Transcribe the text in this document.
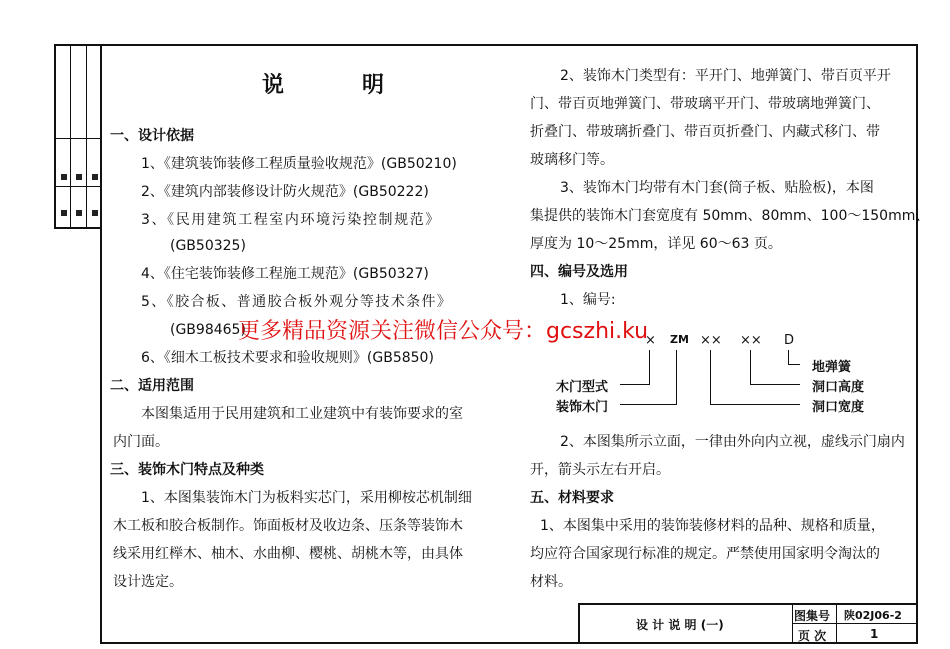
说　明
一、设计依据
1、《建筑装饰装修工程质量验收规范》(GB50210)
2、《建筑内部装修设计防火规范》(GB50222)
3、《民用建筑工程室内环境污染控制规范》
(GB50325)
4、《住宅装饰装修工程施工规范》(GB50327)
5、《胶合板、普通胶合板外观分等技术条件》
(GB98465)
6、《细木工板技术要求和验收规则》(GB5850)
二、适用范围
本图集适用于民用建筑和工业建筑中有装饰要求的室
内门面。
三、装饰木门特点及种类
1、本图集装饰木门为板料实芯门，采用柳桉芯机制细
木工板和胶合板制作。饰面板材及收边条、压条等装饰木
线采用红榉木、柚木、水曲柳、樱桃、胡桃木等，由具体
设计选定。
2、装饰木门类型有：平开门、地弹簧门、带百页平开
门、带百页地弹簧门、带玻璃平开门、带玻璃地弹簧门、
折叠门、带玻璃折叠门、带百页折叠门、内藏式移门、带
玻璃移门等。
3、装饰木门均带有木门套(筒子板、贴脸板)，本图
集提供的装饰木门套宽度有 50mm、80mm、100～150mm、
厚度为 10～25mm，详见 60～63 页。
四、编号及选用
1、编号:
× ZM ×× ×× D
木门型式
装饰木门
地弹簧
洞口高度
洞口宽度
2、本图集所示立面，一律由外向内立视，虚线示门扇内
开，箭头示左右开启。
五、材料要求
1、本图集中采用的装饰装修材料的品种、规格和质量，
均应符合国家现行标准的规定。严禁使用国家明令淘汰的
材料。
更多精品资源关注微信公众号：gcszhi.ku
设 计 说 明 (一)
图集号 陕02J06-2
页 次	1
